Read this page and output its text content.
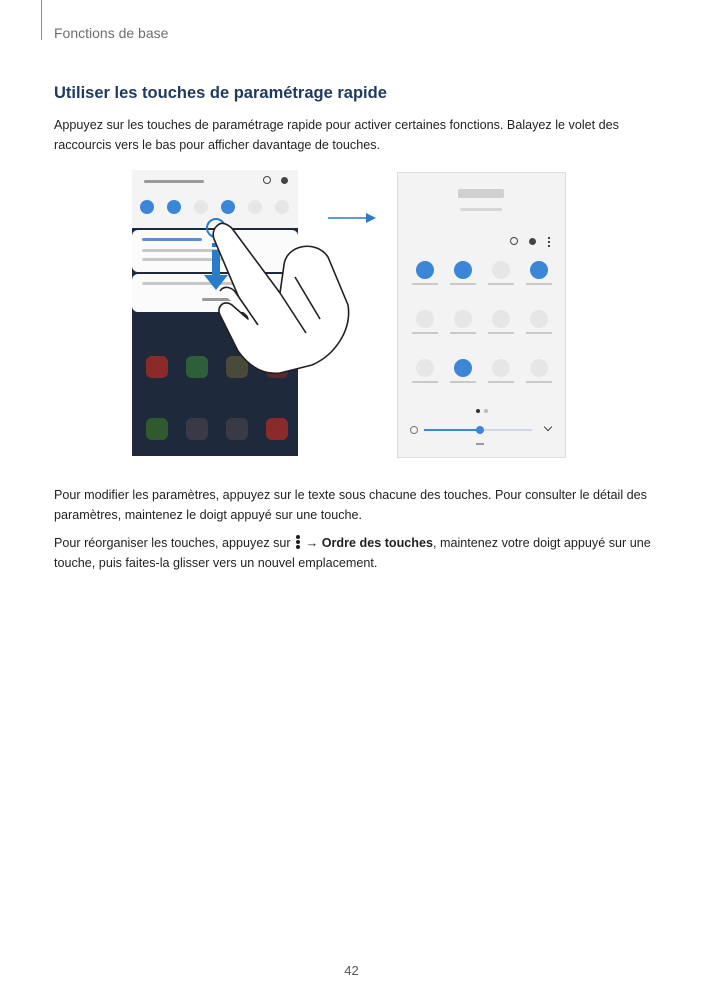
Fonctions de base
Utiliser les touches de paramétrage rapide

Appuyez sur les touches de paramétrage rapide pour activer certaines fonctions. Balayez le volet des raccourcis vers le bas pour afficher davantage de touches.

Pour modifier les paramètres, appuyez sur le texte sous chacune des touches. Pour consulter le détail des paramètres, maintenez le doigt appuyé sur une touche.

Pour réorganiser les touches, appuyez sur
→ Ordre des touches, maintenez votre doigt appuyé sur une touche, puis faites-la glisser vers un nouvel emplacement.

42
